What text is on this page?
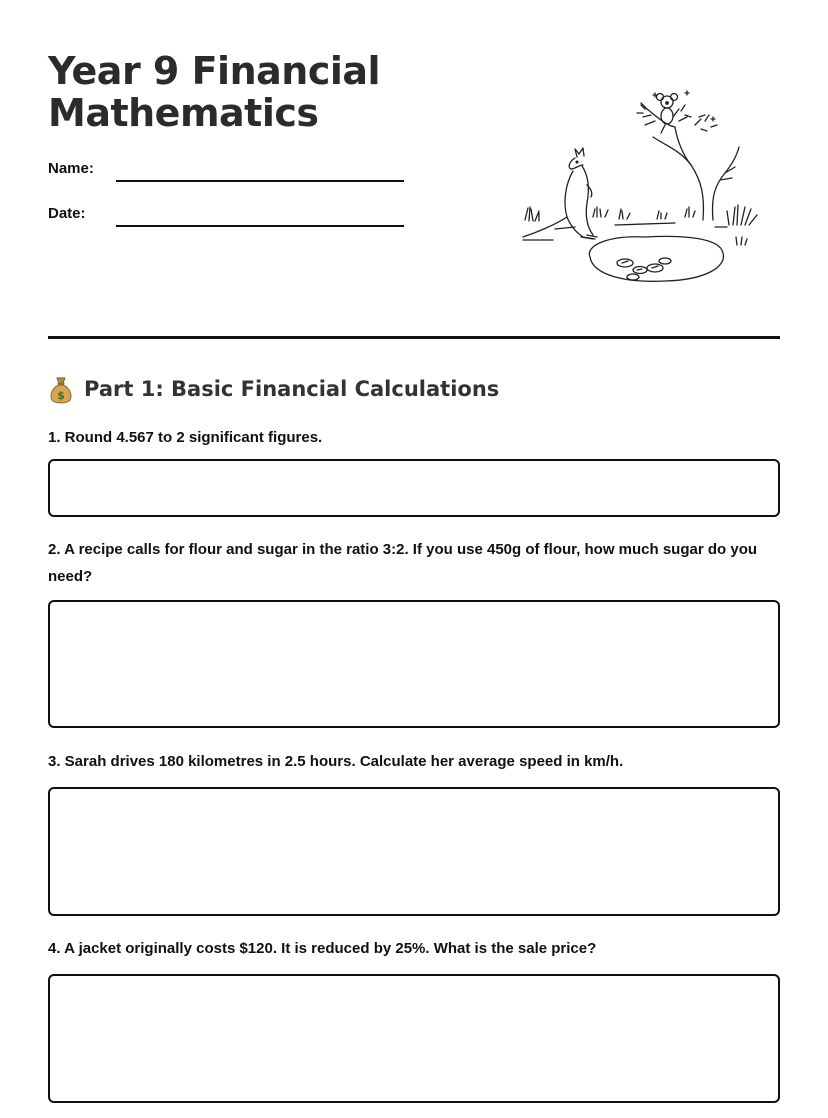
Year 9 Financial
Mathematics
Name:
Date:
$ Part 1: Basic Financial Calculations

1. Round 4.567 to 2 significant figures.

2. A recipe calls for flour and sugar in the ratio 3:2. If you use 450g of flour, how much sugar do you need?

3. Sarah drives 180 kilometres in 2.5 hours. Calculate her average speed in km/h.

4. A jacket originally costs $120. It is reduced by 25%. What is the sale price?
